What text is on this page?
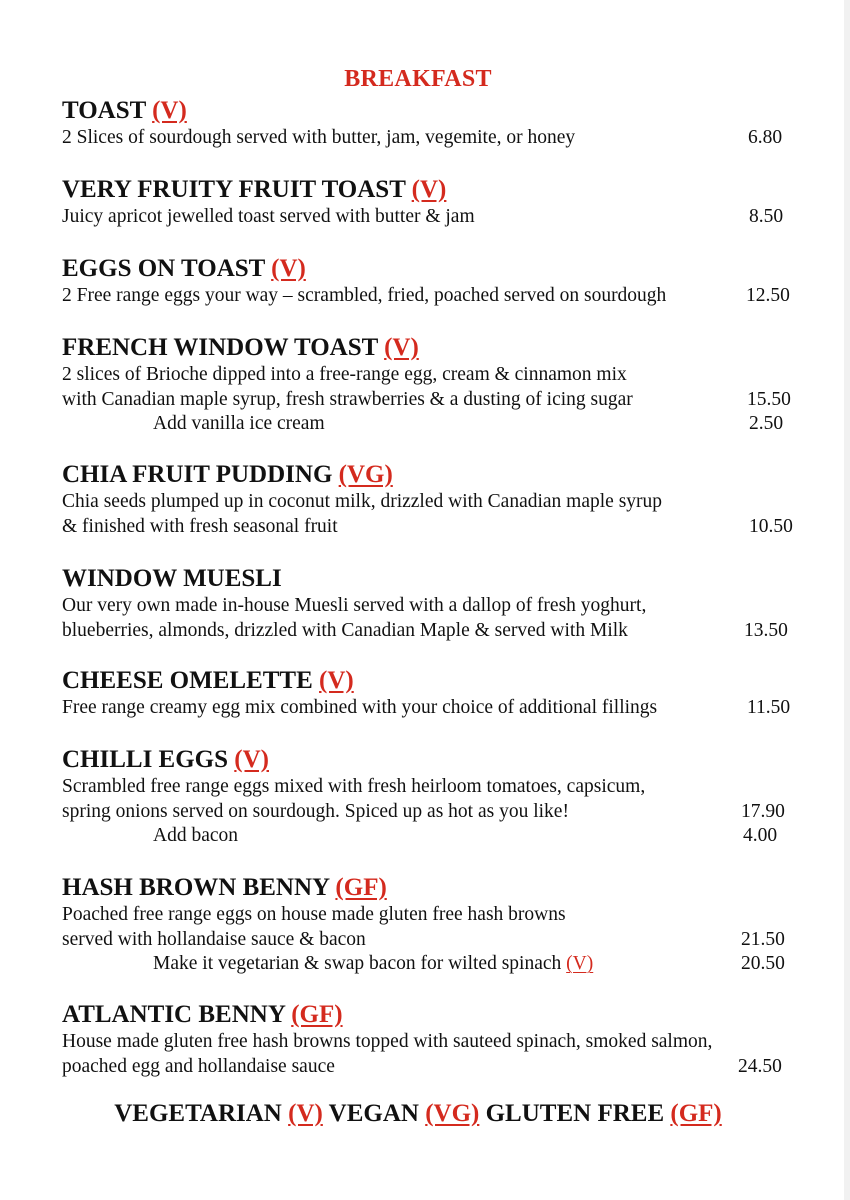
BREAKFAST
TOAST (V)
2 Slices of sourdough served with butter, jam, vegemite, or honey	6.80
VERY FRUITY FRUIT TOAST (V)
Juicy apricot jewelled toast served with butter & jam	8.50
EGGS ON TOAST (V)
2 Free range eggs your way – scrambled, fried, poached served on sourdough	12.50
FRENCH WINDOW TOAST (V)
2 slices of Brioche dipped into a free-range egg, cream & cinnamon mix
with Canadian maple syrup, fresh strawberries & a dusting of icing sugar	15.50
Add vanilla ice cream	2.50
CHIA FRUIT PUDDING (VG)
Chia seeds plumped up in coconut milk, drizzled with Canadian maple syrup
& finished with fresh seasonal fruit	10.50
WINDOW MUESLI
Our very own made in-house Muesli served with a dallop of fresh yoghurt,
blueberries, almonds, drizzled with Canadian Maple & served with Milk	13.50
CHEESE OMELETTE (V)
Free range creamy egg mix combined with your choice of additional fillings	11.50
CHILLI EGGS (V)
Scrambled free range eggs mixed with fresh heirloom tomatoes, capsicum,
spring onions served on sourdough. Spiced up as hot as you like!	17.90
Add bacon	4.00
HASH BROWN BENNY (GF)
Poached free range eggs on house made gluten free hash browns
served with hollandaise sauce & bacon	21.50
Make it vegetarian & swap bacon for wilted spinach (V)	20.50
ATLANTIC BENNY (GF)
House made gluten free hash browns topped with sauteed spinach, smoked salmon,
poached egg and hollandaise sauce	24.50
VEGETARIAN (V) VEGAN (VG) GLUTEN FREE (GF)
